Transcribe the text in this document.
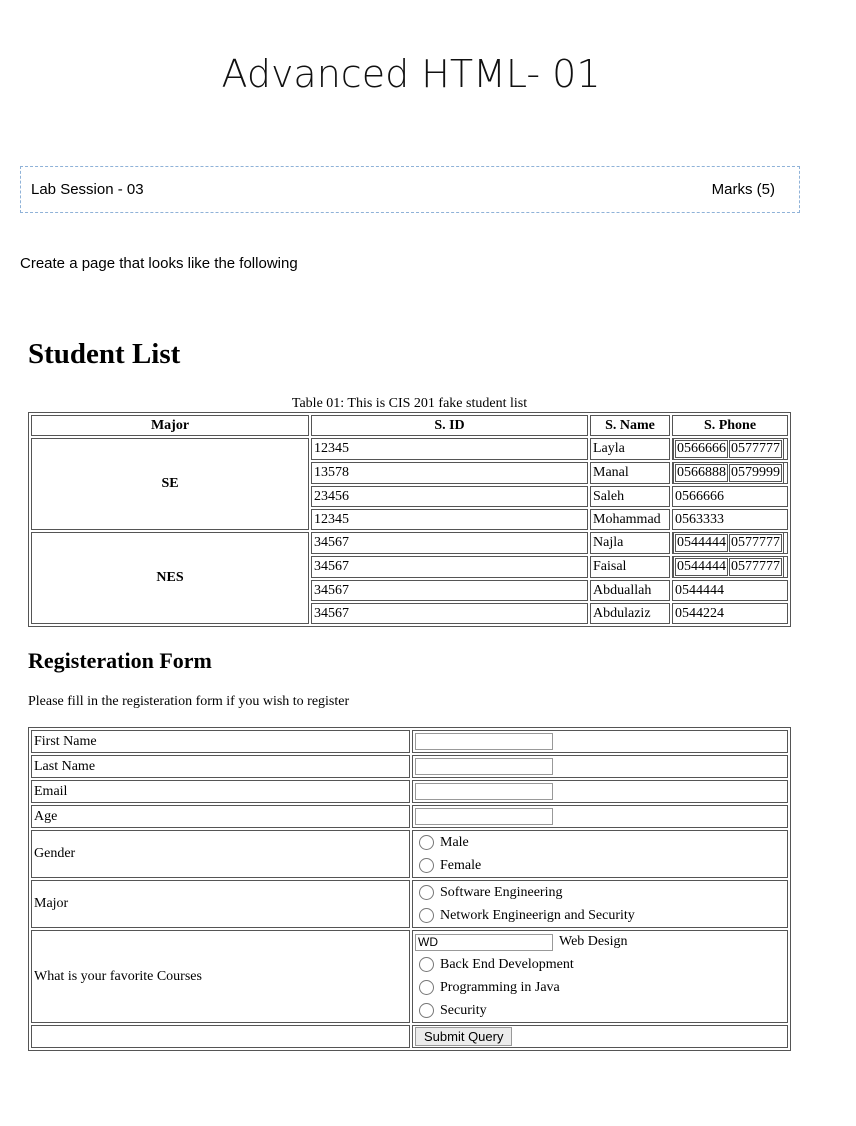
Advanced HTML- 01
Lab Session - 03	Marks (5)
Create a page that looks like the following
Student List
Table 01: This is CIS 201 fake student list
Major	S. ID	S. Name	S. Phone
SE	12345	Layla		0566666	0577777

13578	Manal		0566888	0579999

23456	Saleh	0566666
12345	Mohammad	0563333
NES	34567	Najla		0544444	0577777

34567	Faisal		0544444	0577777

34567	Abduallah	0544444
34567	Abdulaziz	0544224
Registeration Form
Please fill in the registeration form if you wish to register
First Name	
Last Name	
Email	
Age	
Gender	Male
Female

Major	Software Engineering
Network Engineerign and Security

What is your favorite Courses	WD Web Design
Back End Development
Programming in Java
Security

	Submit Query
